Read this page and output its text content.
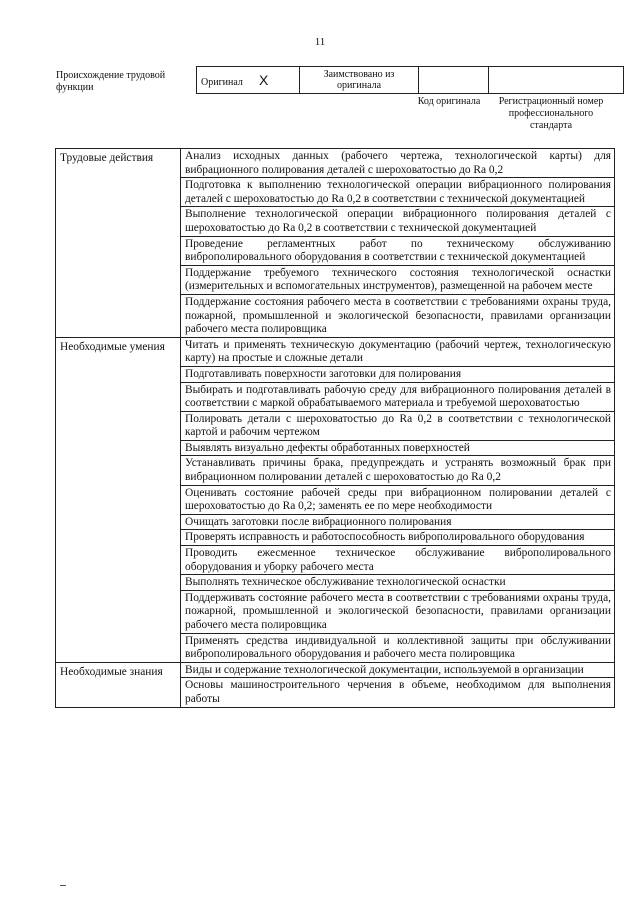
11
Происхождение трудовой функции	Оригинал X	Заимствовано из оригинала		
Код оригинала	Регистрационный номер профессионального стандарта
Трудовые действия	Анализ исходных данных (рабочего чертежа, технологической карты) для вибрационного полирования деталей с шероховатостью до Ra 0,2
	Подготовка к выполнению технологической операции вибрационного полирования деталей с шероховатостью до Ra 0,2 в соответствии с технической документацией
	Выполнение технологической операции вибрационного полирования деталей с шероховатостью до Ra 0,2 в соответствии с технической документацией
	Проведение регламентных работ по техническому обслуживанию виброполировального оборудования в соответствии с технической документацией
	Поддержание требуемого технического состояния технологической оснастки (измерительных и вспомогательных инструментов), размещенной на рабочем месте
	Поддержание состояния рабочего места в соответствии с требованиями охраны труда, пожарной, промышленной и экологической безопасности, правилами организации рабочего места полировщика
Необходимые умения	Читать и применять техническую документацию (рабочий чертеж, технологическую карту) на простые и сложные детали
	Подготавливать поверхности заготовки для полирования
	Выбирать и подготавливать рабочую среду для вибрационного полирования деталей в соответствии с маркой обрабатываемого материала и требуемой шероховатостью
	Полировать детали с шероховатостью до Ra 0,2 в соответствии с технологической картой и рабочим чертежом
	Выявлять визуально дефекты обработанных поверхностей
	Устанавливать причины брака, предупреждать и устранять возможный брак при вибрационном полировании деталей с шероховатостью до Ra 0,2
	Оценивать состояние рабочей среды при вибрационном полировании деталей с шероховатостью до Ra 0,2; заменять ее по мере необходимости
	Очищать заготовки после вибрационного полирования
	Проверять исправность и работоспособность виброполировального оборудования
	Проводить ежесменное техническое обслуживание виброполировального оборудования и уборку рабочего места
	Выполнять техническое обслуживание технологической оснастки
	Поддерживать состояние рабочего места в соответствии с требованиями охраны труда, пожарной, промышленной и экологической безопасности, правилами организации рабочего места полировщика
	Применять средства индивидуальной и коллективной защиты при обслуживании виброполировального оборудования и рабочего места полировщика
Необходимые знания	Виды и содержание технологической документации, используемой в организации
	Основы машиностроительного черчения в объеме, необходимом для выполнения работы
